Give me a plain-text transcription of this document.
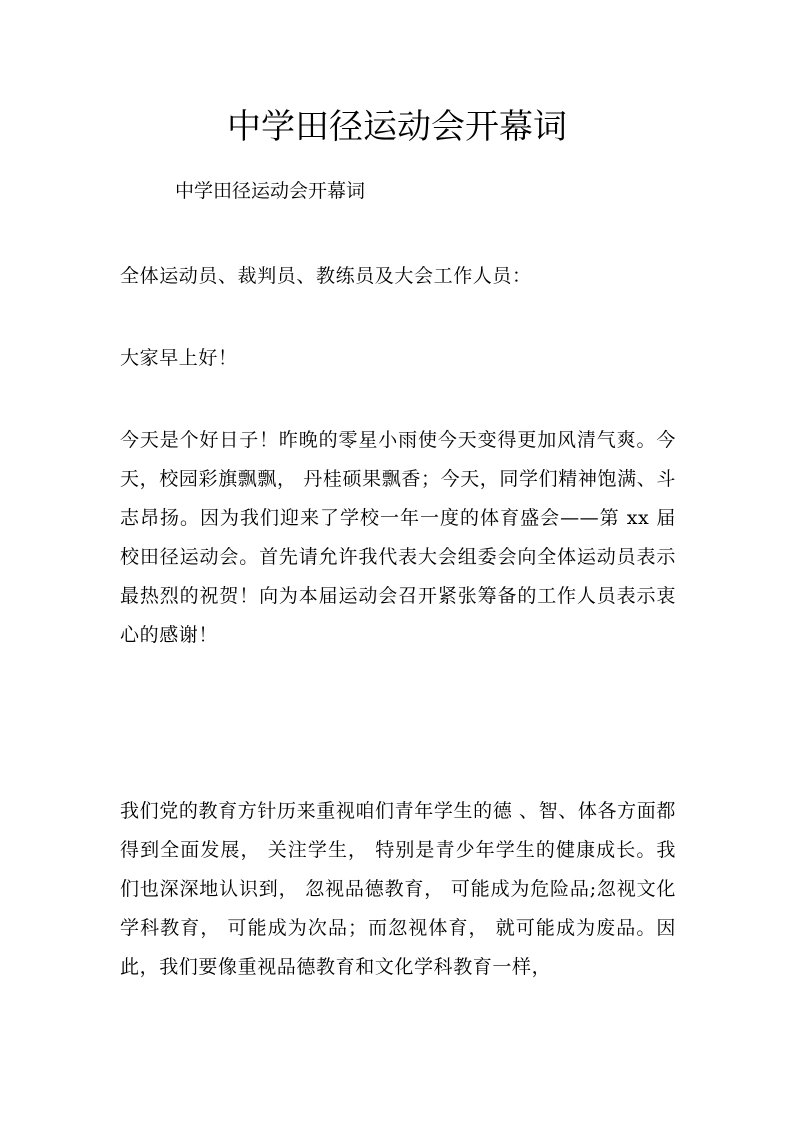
中学田径运动会开幕词
中学田径运动会开幕词

全体运动员、裁判员、教练员及大会工作人员：

大家早上好！

今天是个好日子！昨晚的零星小雨使今天变得更加风清气爽。今天，校园彩旗飘飘， 丹桂硕果飘香；今天，同学们精神饱满、斗志昂扬。因为我们迎来了学校一年一度的体育盛会——第 xx 届校田径运动会。首先请允许我代表大会组委会向全体运动员表示最热烈的祝贺！向为本届运动会召开紧张筹备的工作人员表示衷心的感谢！

我们党的教育方针历来重视咱们青年学生的德 、智、体各方面都得到全面发展， 关注学生， 特别是青少年学生的健康成长。我们也深深地认识到， 忽视品德教育， 可能成为危险品;忽视文化学科教育， 可能成为次品；而忽视体育， 就可能成为废品。因此，我们要像重视品德教育和文化学科教育一样，
